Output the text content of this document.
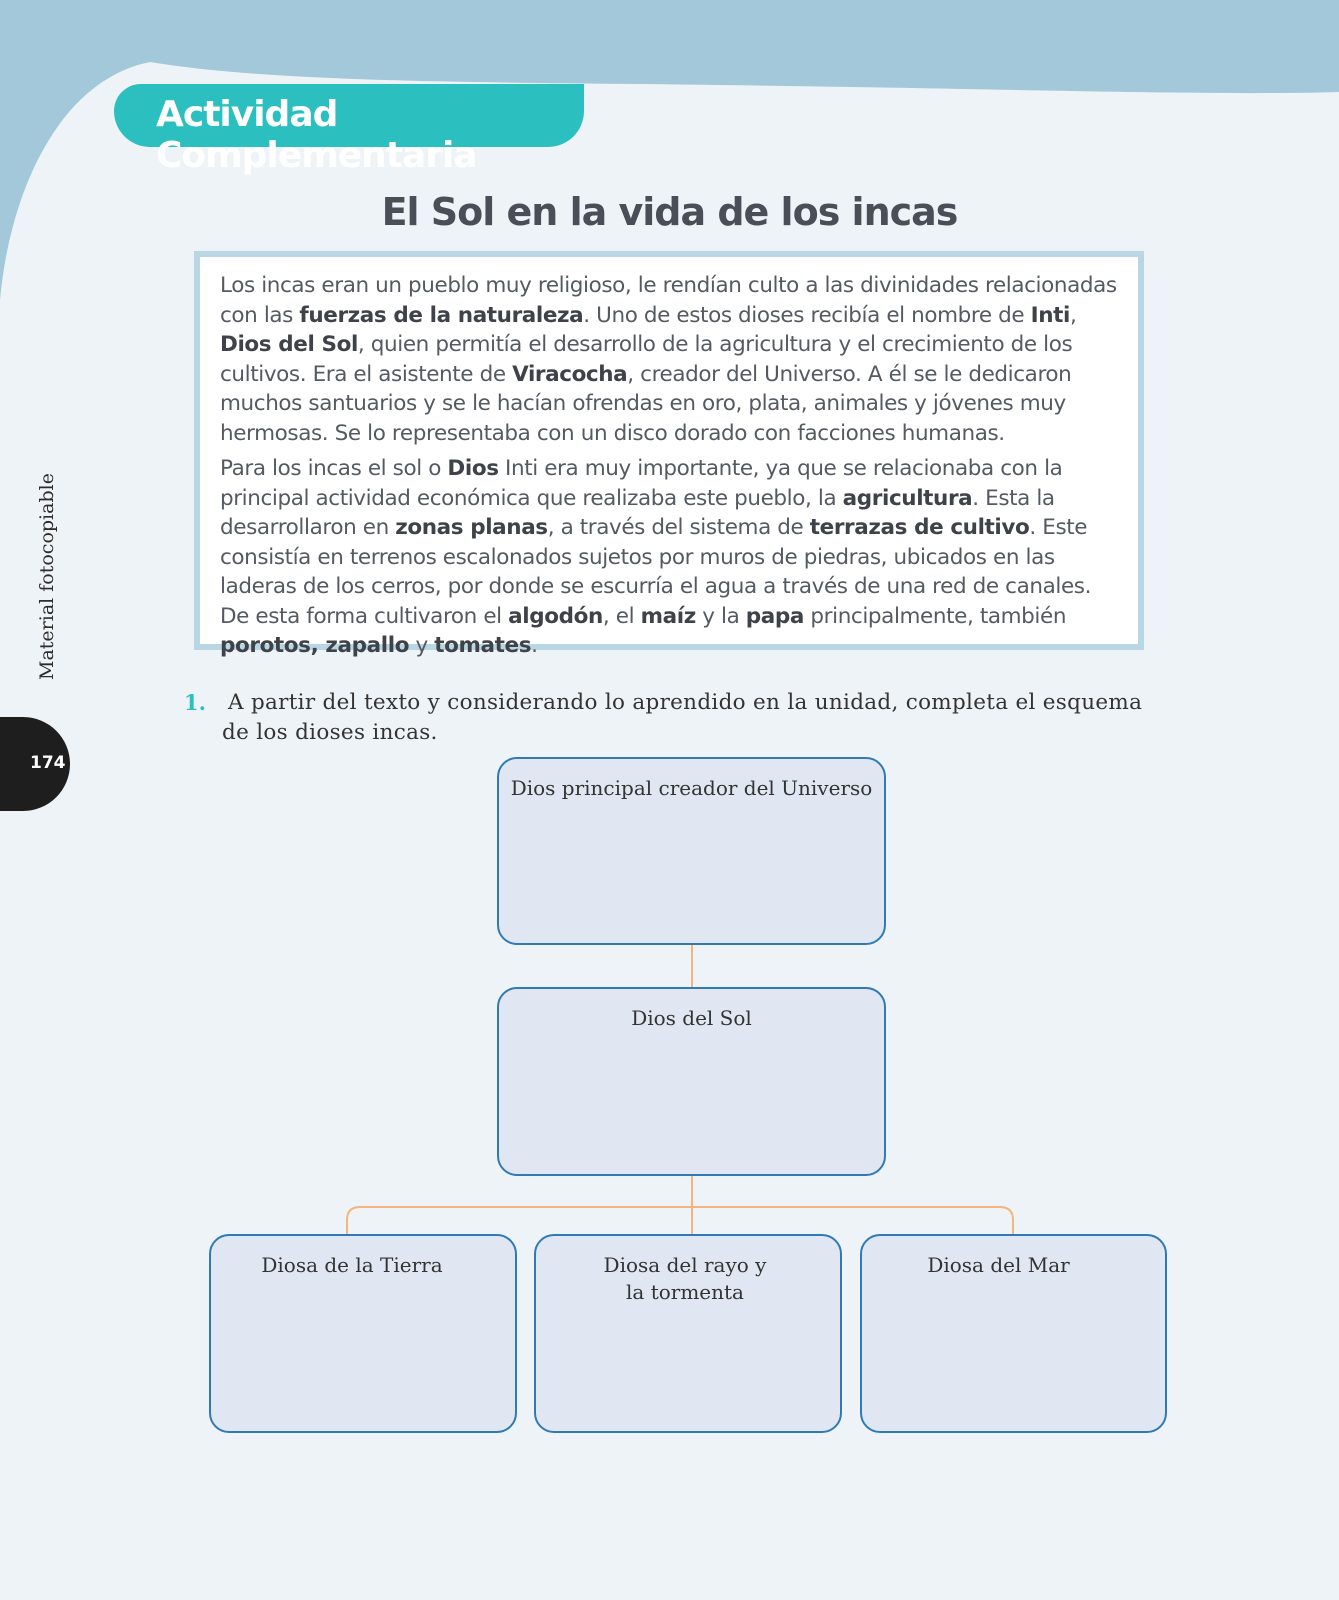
Actividad Complementaria
El Sol en la vida de los incas

Los incas eran un pueblo muy religioso, le rendían culto a las divinidades relacionadas con las fuerzas de la naturaleza. Uno de estos dioses recibía el nombre de Inti, Dios del Sol, quien permitía el desarrollo de la agricultura y el crecimiento de los cultivos. Era el asistente de Viracocha, creador del Universo. A él se le dedicaron muchos santuarios y se le hacían ofrendas en oro, plata, animales y jóvenes muy hermosas. Se lo representaba con un disco dorado con facciones humanas.

Para los incas el sol o Dios Inti era muy importante, ya que se relacionaba con la principal actividad económica que realizaba este pueblo, la agricultura. Esta la desarrollaron en zonas planas, a través del sistema de terrazas de cultivo. Este consistía en terrenos escalonados sujetos por muros de piedras, ubicados en las laderas de los cerros, por donde se escurría el agua a través de una red de canales. De esta forma cultivaron el algodón, el maíz y la papa principalmente, también porotos, zapallo y tomates.

Material fotocopiable
174
1. A partir del texto y considerando lo aprendido en la unidad, completa el esquema de los dioses incas.
Dios principal creador del Universo
Dios del Sol
Diosa de la Tierra	Diosa del rayo y la tormenta
Diosa del Mar
